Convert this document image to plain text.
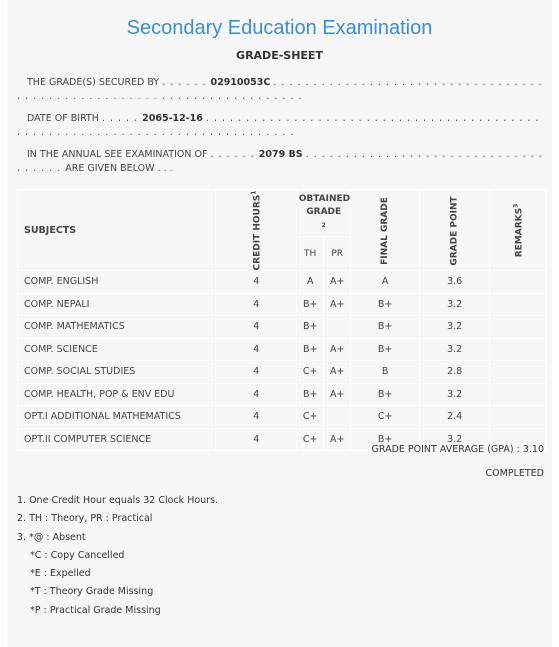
Secondary Education Examination
GRADE-SHEET
THE GRADE(S) SECURED BY . . . . . . 02910053C . . . . . . . . . . . . . . . . . . . . . . . . . . . . . . . . . . . . . . . . . . . . . . . . . . . . . . . . . . . . . . . . . . . . . .
DATE OF BIRTH . . . . . 2065-12-16 . . . . . . . . . . . . . . . . . . . . . . . . . . . . . . . . . . . . . . . . . . . . . . . . . . . . . . . . . . . . . . . . . . . . . . . . . . . . .
IN THE ANNUAL SEE EXAMINATION OF . . . . . . 2079 BS . . . . . . . . . . . . . . . . . . . . . . . . . . . . . . . . . . . . ARE GIVEN BELOW . . .
SUBJECTS	CREDIT HOURS$^1$	OBTAINED GRADE$^2$		FINAL GRADE	GRADE POINT	REMARKS$^3$
		TH	PR			
COMP. ENGLISH	4	A	A+	A	3.6	
COMP. NEPALI	4	B+	A+	B+	3.2	
COMP. MATHEMATICS	4	B+		B+	3.2	
COMP. SCIENCE	4	B+	A+	B+	3.2	
COMP. SOCIAL STUDIES	4	C+	A+	B	2.8	
COMP. HEALTH, POP & ENV EDU	4	B+	A+	B+	3.2	
OPT.I ADDITIONAL MATHEMATICS	4	C+		C+	2.4	
OPT.II COMPUTER SCIENCE	4	C+	A+	B+	3.2	
GRADE POINT AVERAGE (GPA) : 3.10
COMPLETED
1. One Credit Hour equals 32 Clock Hours.
2. TH : Theory, PR : Practical
3. *@ : Absent
*C : Copy Cancelled
*E : Expelled
*T : Theory Grade Missing
*P : Practical Grade Missing
